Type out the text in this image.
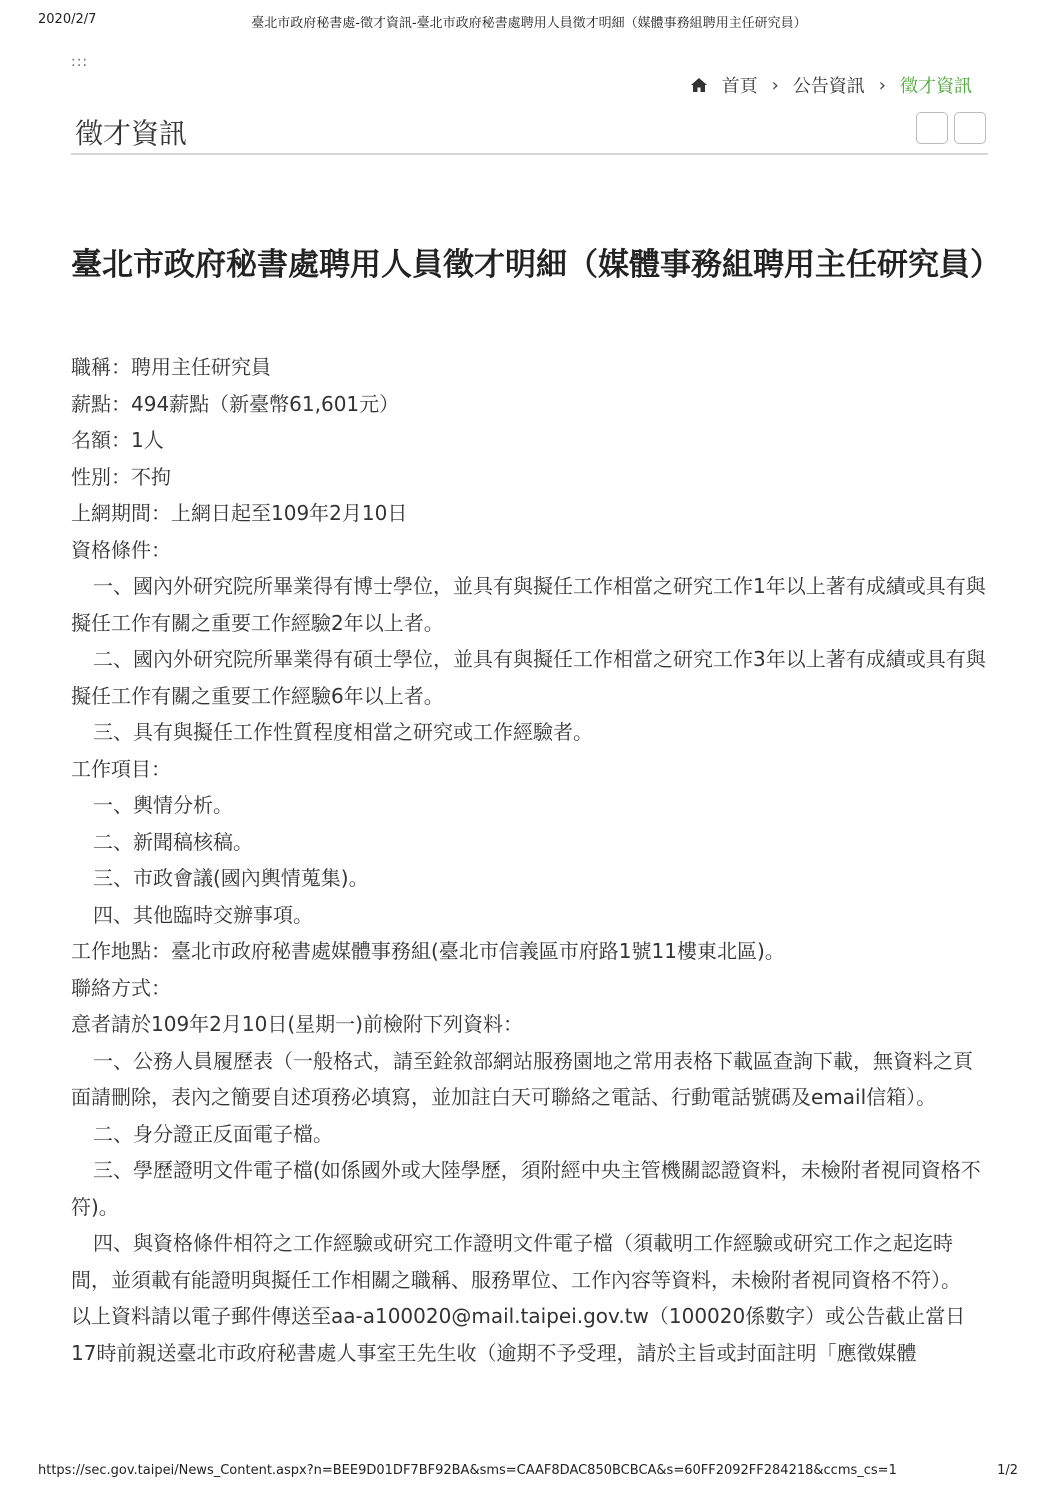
2020/2/7	臺北市政府秘書處-徵才資訊-臺北市政府秘書處聘用人員徵才明細（媒體事務組聘用主任研究員）
:::
首頁 › 公告資訊 › 徵才資訊
徵才資訊
臺北市政府秘書處聘用人員徵才明細（媒體事務組聘用主任研究員）

職稱：聘用主任研究員

薪點：494薪點（新臺幣61,601元）

名額：1人

性別：不拘

上網期間：上網日起至109年2月10日

資格條件：

一、國內外研究院所畢業得有博士學位，並具有與擬任工作相當之研究工作1年以上著有成績或具有與擬任工作有關之重要工作經驗2年以上者。

二、國內外研究院所畢業得有碩士學位，並具有與擬任工作相當之研究工作3年以上著有成績或具有與擬任工作有關之重要工作經驗6年以上者。

三、具有與擬任工作性質程度相當之研究或工作經驗者。

工作項目：

一、輿情分析。

二、新聞稿核稿。

三、市政會議(國內輿情蒐集)。

四、其他臨時交辦事項。

工作地點：臺北市政府秘書處媒體事務組(臺北市信義區市府路1號11樓東北區)。

聯絡方式：

意者請於109年2月10日(星期一)前檢附下列資料：

一、公務人員履歷表（一般格式，請至銓敘部網站服務園地之常用表格下載區查詢下載，無資料之頁面請刪除，表內之簡要自述項務必填寫，並加註白天可聯絡之電話、行動電話號碼及email信箱）。

二、身分證正反面電子檔。

三、學歷證明文件電子檔(如係國外或大陸學歷，須附經中央主管機關認證資料，未檢附者視同資格不符)。

四、與資格條件相符之工作經驗或研究工作證明文件電子檔（須載明工作經驗或研究工作之起迄時間，並須載有能證明與擬任工作相關之職稱、服務單位、工作內容等資料，未檢附者視同資格不符）。

以上資料請以電子郵件傳送至aa-a100020@mail.taipei.gov.tw（100020係數字）或公告截止當日17時前親送臺北市政府秘書處人事室王先生收（逾期不予受理，請於主旨或封面註明「應徵媒體

https://sec.gov.taipei/News_Content.aspx?n=BEE9D01DF7BF92BA&sms=CAAF8DAC850BCBCA&s=60FF2092FF284218&ccms_cs=1	1/2
